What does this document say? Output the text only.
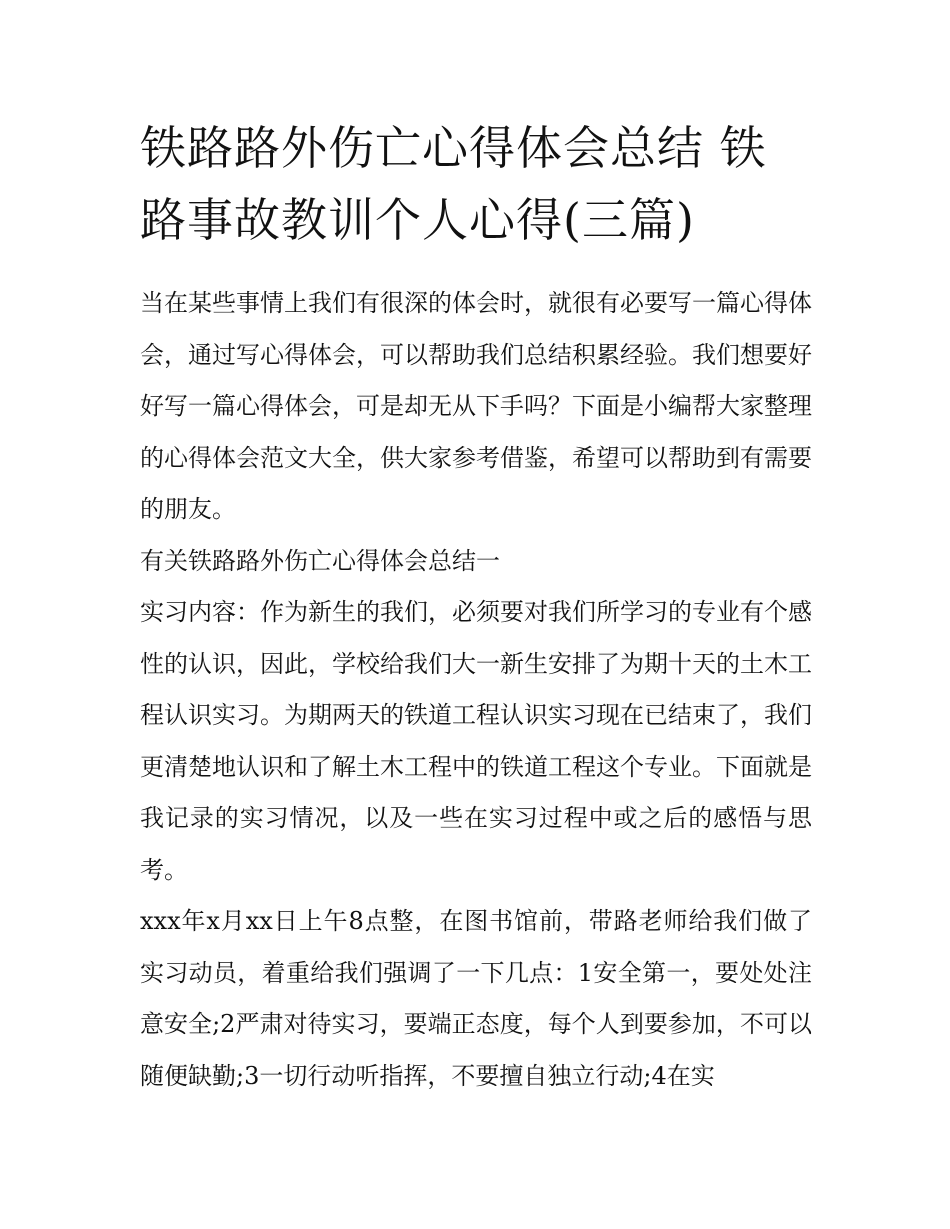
铁路路外伤亡心得体会总结 铁路事故教训个人心得(三篇)

当在某些事情上我们有很深的体会时，就很有必要写一篇心得体会，通过写心得体会，可以帮助我们总结积累经验。我们想要好好写一篇心得体会，可是却无从下手吗？下面是小编帮大家整理的心得体会范文大全，供大家参考借鉴，希望可以帮助到有需要的朋友。

有关铁路路外伤亡心得体会总结一

实习内容：作为新生的我们，必须要对我们所学习的专业有个感性的认识，因此，学校给我们大一新生安排了为期十天的土木工程认识实习。为期两天的铁道工程认识实习现在已结束了，我们更清楚地认识和了解土木工程中的铁道工程这个专业。下面就是我记录的实习情况，以及一些在实习过程中或之后的感悟与思考。

xxx年x月xx日上午8点整，在图书馆前，带路老师给我们做了实习动员，着重给我们强调了一下几点：1安全第一，要处处注意安全;2严肃对待实习，要端正态度，每个人到要参加，不可以随便缺勤;3一切行动听指挥，不要擅自独立行动;4在实
